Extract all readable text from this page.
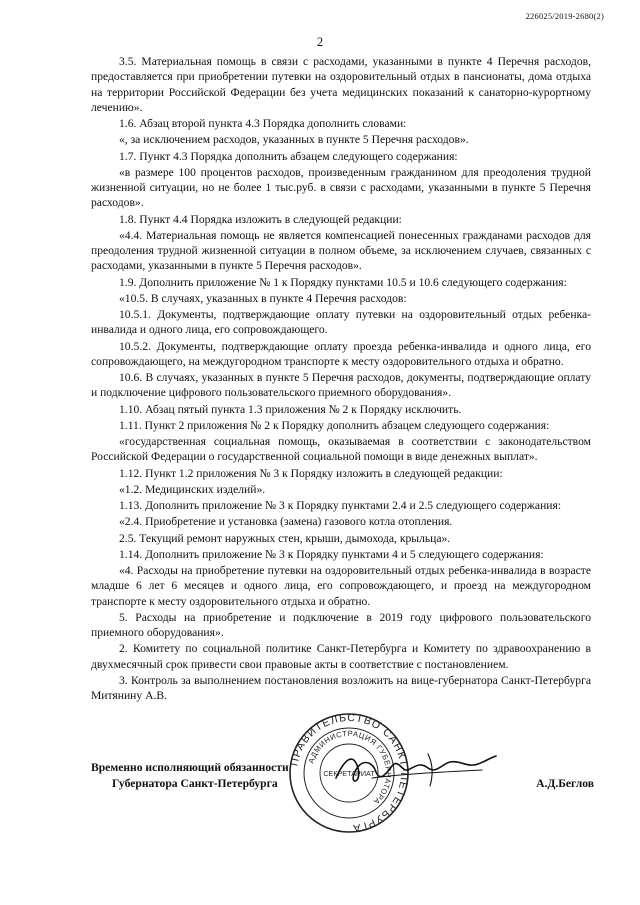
226025/2019-2680(2)
2

3.5. Материальная помощь в связи с расходами, указанными в пункте 4 Перечня расходов, предоставляется при приобретении путевки на оздоровительный отдых в пансионаты, дома отдыха на территории Российской Федерации без учета медицинских показаний к санаторно-курортному лечению».

1.6. Абзац второй пункта 4.3 Порядка дополнить словами:

«, за исключением расходов, указанных в пункте 5 Перечня расходов».

1.7. Пункт 4.3 Порядка дополнить абзацем следующего содержания:

«в размере 100 процентов расходов, произведенным гражданином для преодоления трудной жизненной ситуации, но не более 1 тыс.руб. в связи с расходами, указанными в пункте 5 Перечня расходов».

1.8. Пункт 4.4 Порядка изложить в следующей редакции:

«4.4. Материальная помощь не является компенсацией понесенных гражданами расходов для преодоления трудной жизненной ситуации в полном объеме, за исключением случаев, связанных с расходами, указанными в пункте 5 Перечня расходов».

1.9. Дополнить приложение № 1 к Порядку пунктами 10.5 и 10.6 следующего содержания:

«10.5. В случаях, указанных в пункте 4 Перечня расходов:

10.5.1. Документы, подтверждающие оплату путевки на оздоровительный отдых ребенка-инвалида и одного лица, его сопровождающего.

10.5.2. Документы, подтверждающие оплату проезда ребенка-инвалида и одного лица, его сопровождающего, на междугородном транспорте к месту оздоровительного отдыха и обратно.

10.6. В случаях, указанных в пункте 5 Перечня расходов, документы, подтверждающие оплату и подключение цифрового пользовательского приемного оборудования».

1.10. Абзац пятый пункта 1.3 приложения № 2 к Порядку исключить.

1.11. Пункт 2 приложения № 2 к Порядку дополнить абзацем следующего содержания:

«государственная социальная помощь, оказываемая в соответствии с законодательством Российской Федерации о государственной социальной помощи в виде денежных выплат».

1.12. Пункт 1.2 приложения № 3 к Порядку изложить в следующей редакции:

«1.2. Медицинских изделий».

1.13. Дополнить приложение № 3 к Порядку пунктами 2.4 и 2.5 следующего содержания:

«2.4. Приобретение и установка (замена) газового котла отопления.

2.5. Текущий ремонт наружных стен, крыши, дымохода, крыльца».

1.14. Дополнить приложение № 3 к Порядку пунктами 4 и 5 следующего содержания:

«4. Расходы на приобретение путевки на оздоровительный отдых ребенка-инвалида в возрасте младше 6 лет 6 месяцев и одного лица, его сопровождающего, и проезд на междугородном транспорте к месту оздоровительного отдыха и обратно.

5. Расходы на приобретение и подключение в 2019 году цифрового пользовательского приемного оборудования».

2. Комитету по социальной политике Санкт-Петербурга и Комитету по здравоохранению в двухмесячный срок привести свои правовые акты в соответствие с постановлением.

3. Контроль за выполнением постановления возложить на вице-губернатора Санкт-Петербурга Митянину А.В.

Временно исполняющий обязанности
Губернатора Санкт-Петербурга
ПРАВИТЕЛЬСТВО САНКТ-ПЕТЕРБУРГА
АДМИНИСТРАЦИЯ ГУБЕРНАТОРА
СЕКРЕТАРИАТ
А.Д.Беглов
